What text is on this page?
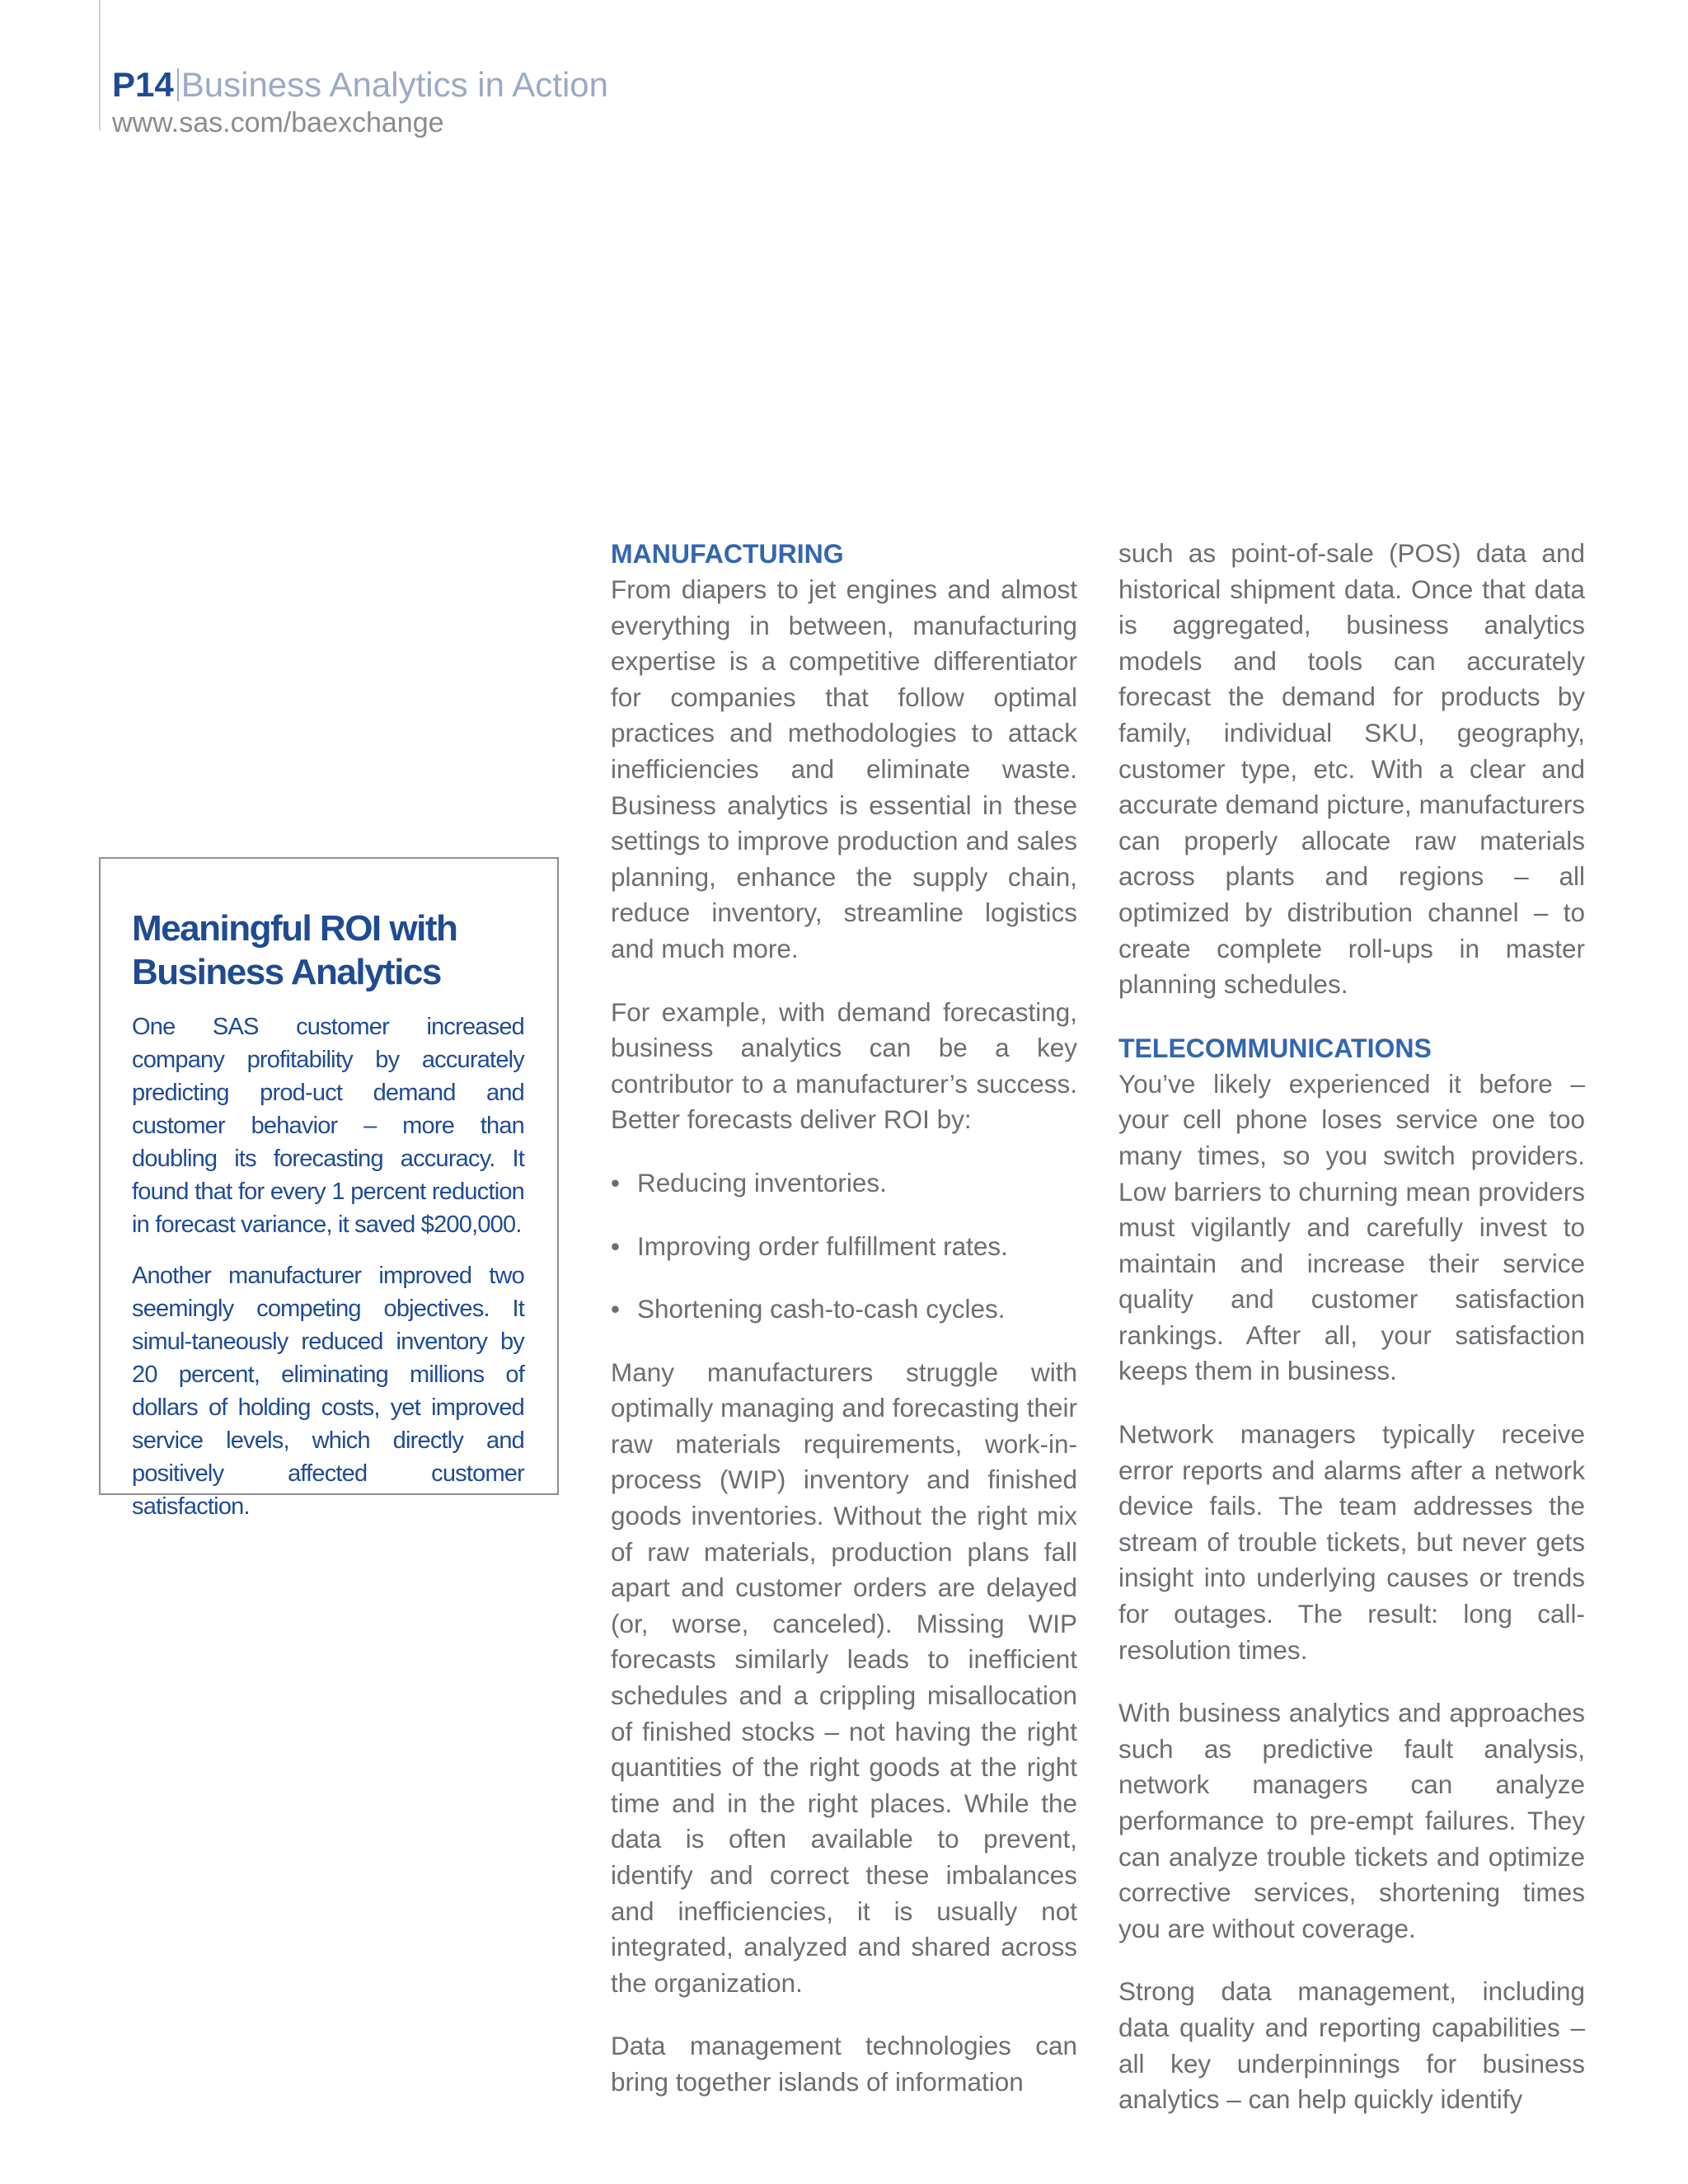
P14 Business Analytics in Action
www.sas.com/baexchange
Meaningful ROI with
Business Analytics

One SAS customer increased company profitability by accurately predicting prod-uct demand and customer behavior – more than doubling its forecasting accuracy. It found that for every 1 percent reduction in forecast variance, it saved $200,000.

Another manufacturer improved two seemingly competing objectives. It simul-taneously reduced inventory by 20 percent, eliminating millions of dollars of holding costs, yet improved service levels, which directly and positively affected customer satisfaction.

MANUFACTURING

From diapers to jet engines and almost everything in between, manufacturing expertise is a competitive differentiator for companies that follow optimal practices and methodologies to attack inefficiencies and eliminate waste. Business analytics is essential in these settings to improve production and sales planning, enhance the supply chain, reduce inventory, streamline logistics and much more.

For example, with demand forecasting, business analytics can be a key contributor to a manufacturer’s success. Better forecasts deliver ROI by:

• Reducing inventories.
• Improving order fulfillment rates.
• Shortening cash-to-cash cycles.

Many manufacturers struggle with optimally managing and forecasting their raw materials requirements, work-in-process (WIP) inventory and finished goods inventories. Without the right mix of raw materials, production plans fall apart and customer orders are delayed (or, worse, canceled). Missing WIP forecasts similarly leads to inefficient schedules and a crippling misallocation of finished stocks – not having the right quantities of the right goods at the right time and in the right places. While the data is often available to prevent, identify and correct these imbalances and inefficiencies, it is usually not integrated, analyzed and shared across the organization.

Data management technologies can bring together islands of information

such as point-of-sale (POS) data and historical shipment data. Once that data is aggregated, business analytics models and tools can accurately forecast the demand for products by family, individual SKU, geography, customer type, etc. With a clear and accurate demand picture, manufacturers can properly allocate raw materials across plants and regions – all optimized by distribution channel – to create complete roll-ups in master planning schedules.

TELECOMMUNICATIONS

You’ve likely experienced it before – your cell phone loses service one too many times, so you switch providers. Low barriers to churning mean providers must vigilantly and carefully invest to maintain and increase their service quality and customer satisfaction rankings. After all, your satisfaction keeps them in business.

Network managers typically receive error reports and alarms after a network device fails. The team addresses the stream of trouble tickets, but never gets insight into underlying causes or trends for outages. The result: long call-resolution times.

With business analytics and approaches such as predictive fault analysis, network managers can analyze performance to pre-empt failures. They can analyze trouble tickets and optimize corrective services, shortening times you are without coverage.

Strong data management, including data quality and reporting capabilities – all key underpinnings for business analytics – can help quickly identify
